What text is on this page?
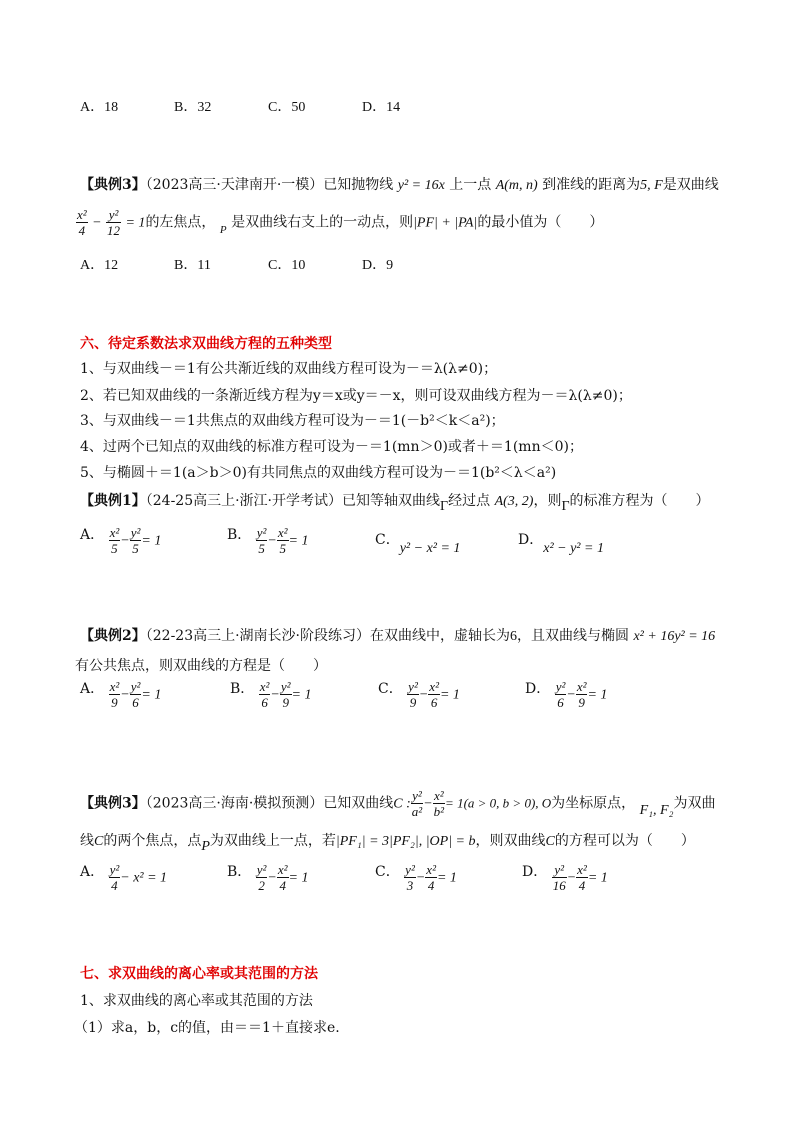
A．18	B．32	C．50	D．14
【典例3】（2023高三·天津南开·一模）已知抛物线 y² = 16x 上一点 A(m, n) 到准线的距离为5, F是双曲线
$\frac{\text{x²}}{4} - \frac{\text{y²}}{12} = 1$的左焦点， $_P$ 是双曲线右支上的一动点，则|PF| + |PA|的最小值为（　　）
A．12	B．11	C．10	D．9
六、待定系数法求双曲线方程的五种类型
1、与双曲线－＝1有公共渐近线的双曲线方程可设为－＝λ(λ≠0)；
2、若已知双曲线的一条渐近线方程为y＝x或y＝－x，则可设双曲线方程为－＝λ(λ≠0)；
3、与双曲线－＝1共焦点的双曲线方程可设为－＝1(－b²＜k＜a²)；
4、过两个已知点的双曲线的标准方程可设为－＝1(mn＞0)或者＋＝1(mn＜0)；
5、与椭圆＋＝1(a＞b＞0)有共同焦点的双曲线方程可设为－＝1(b²＜λ＜a²)
【典例1】（24-25高三上·浙江·开学考试）已知等轴双曲线Γ经过点 A(3, 2)，则Γ的标准方程为（　　）
A． $\frac{\text{x²}}{5} - \frac{\text{y²}}{5} = 1$	B． $\frac{\text{y²}}{5} - \frac{\text{x²}}{5} = 1$	C．y² − x² = 1
D．x² − y² = 1
【典例2】（22-23高三上·湖南长沙·阶段练习）在双曲线中，虚轴长为6，且双曲线与椭圆 x² + 16y² = 16
有公共焦点，则双曲线的方程是（　　）
A． $\frac{\text{x²}}{9} - \frac{\text{y²}}{6} = 1$	B． $\frac{\text{x²}}{6} - \frac{\text{y²}}{9} = 1$	C． $\frac{\text{y²}}{9} - \frac{\text{x²}}{6} = 1$	D． $\frac{\text{y²}}{6} - \frac{\text{x²}}{9} = 1$
【典例3】（2023高三·海南·模拟预测）已知双曲线C : $\frac{\text{y²}}{\text{a²}} - \frac{\text{x²}}{\text{b²}} = 1(a > 0$, b > 0), O为坐标原点， F₁, F₂为双曲
线C的两个焦点，点P为双曲线上一点，若|PF₁| = 3|PF₂|, |OP| = b，则双曲线C的方程可以为（　　）
A． $\frac{\text{y²}}{4} - x^2 = 1$	B． $\frac{\text{y²}}{2} - \frac{\text{x²}}{4} = 1$	C． $\frac{\text{y²}}{3} - \frac{\text{x²}}{4} = 1$	D． $\frac{\text{y²}}{16} - \frac{\text{x²}}{4} = 1$
七、求双曲线的离心率或其范围的方法
1、求双曲线的离心率或其范围的方法
（1）求a，b，c的值，由＝＝1＋直接求e.
